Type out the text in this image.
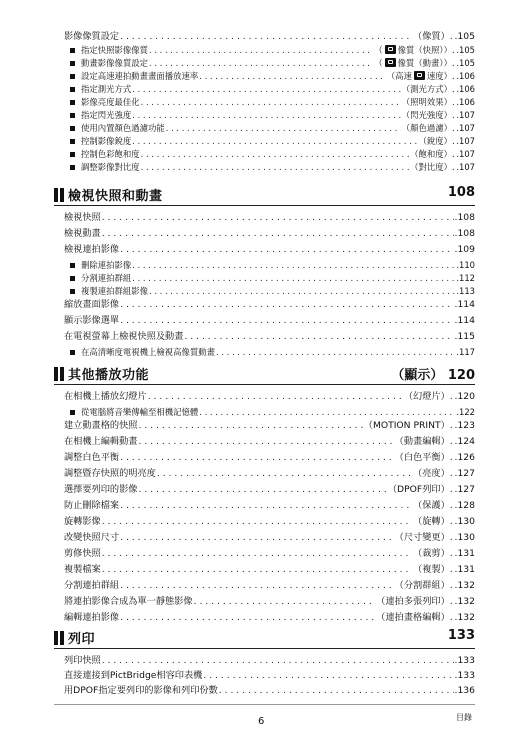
影像像質設定 . . .	（像質） . .105
指定快照影像像質 . . .	（ 像質（快照）） . .105
動畫影像像質設定 . . .	（ 像質（動畫）） . .105
設定高速連拍動畫畫面播放速率 . . .	（高速 速度） . .106
指定測光方式 . . .	（測光方式） . .106
影像亮度最佳化 . . .	（照明效果） . .106
指定閃光強度 . . .	（閃光強度） . .107
使用內置顏色過濾功能 . . .	（顏色過濾） . .107
控制影像銳度 . . .	（銳度） . .107
控制色彩飽和度 . . .	（飽和度） . .107
調整影像對比度 . . .	（對比度） . .107
檢視快照和動畫	108
檢視快照 . . .	.108
檢視動畫 . . .	.108
檢視連拍影像 . . .	.109
刪除連拍影像 . . .	.110
分割連拍群組 . . .	.112
複製連拍群組影像 . . .	.113
縮放畫面影像 . . .	.114
顯示影像選單 . . .	.114
在電視螢幕上檢視快照及動畫 . . .	.115
在高清晰度電視機上檢視高像質動畫 . . .	.117
其他播放功能	（顯示） 120
在相機上播放幻燈片 . . .	（幻燈片） . .120
從電腦將音樂傳輸至相機記憶體 . . .	.122
建立動畫格的快照 . . .	（MOTION PRINT） . .123
在相機上編輯動畫 . . .	（動畫編輯） . .124
調整白色平衡 . . .	（白色平衡） . .126
調整暨存快照的明亮度 . . .	（亮度） . .127
選擇要列印的影像 . . .	（DPOF列印） . .127
防止刪除檔案 . . .	（保護） . .128
旋轉影像 . . .	（旋轉） . .130
改變快照尺寸 . . .	（尺寸變更） . .130
剪修快照 . . .	（裁剪） . .131
複製檔案 . . .	（複製） . .131
分割連拍群組 . . .	（分割群組） . .132
將連拍影像合成為單一靜態影像 . . .	（連拍多張列印） . .132
編輯連拍影像 . . .	（連拍畫格編輯） . .132
列印	133
列印快照 . . .	.133
直接連接到PictBridge相容印表機 . . .	.133
用DPOF指定要列印的影像和列印份數 . . .	.136
6	目錄
